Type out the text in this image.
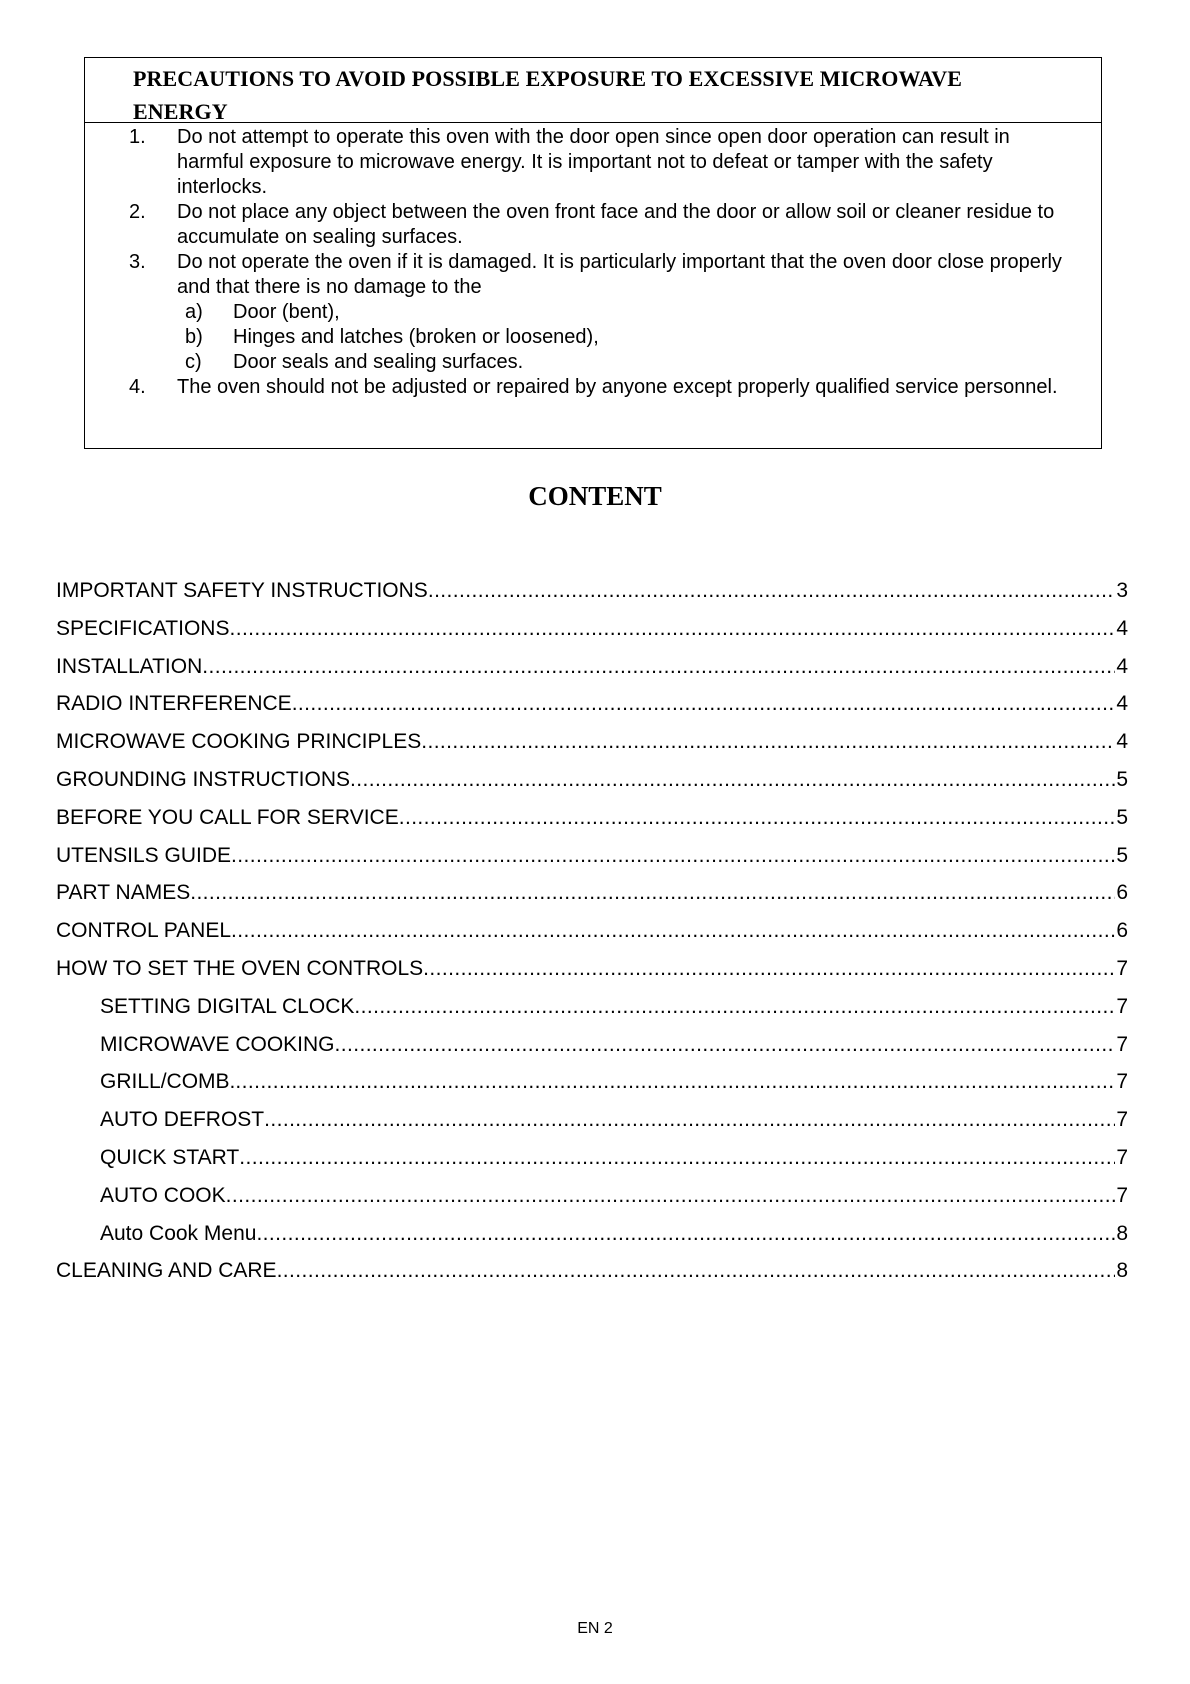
PRECAUTIONS TO AVOID POSSIBLE EXPOSURE TO EXCESSIVE MICROWAVE ENERGY
1.	Do not attempt to operate this oven with the door open since open door operation can result in harmful exposure to microwave energy. It is important not to defeat or tamper with the safety interlocks.
2.	Do not place any object between the oven front face and the door or allow soil or cleaner residue to accumulate on sealing surfaces.
3.	Do not operate the oven if it is damaged. It is particularly important that the oven door close properly and that there is no damage to the
a)	Door (bent),
b)	Hinges and latches (broken or loosened),
c)	Door seals and sealing surfaces.
4.	The oven should not be adjusted or repaired by anyone except properly qualified service personnel.
CONTENT
IMPORTANT SAFETY INSTRUCTIONS .....	3
SPECIFICATIONS .....	4
INSTALLATION .....	4
RADIO INTERFERENCE .....	4
MICROWAVE COOKING PRINCIPLES .....	4
GROUNDING INSTRUCTIONS .....	5
BEFORE YOU CALL FOR SERVICE .....	5
UTENSILS GUIDE .....	5
PART NAMES .....	6
CONTROL PANEL .....	6
HOW TO SET THE OVEN CONTROLS .....	7
SETTING DIGITAL CLOCK .....	7
MICROWAVE COOKING .....	7
GRILL/COMB. .....	7
AUTO DEFROST .....	7
QUICK START .....	7
AUTO COOK .....	7
Auto Cook Menu .....	8
CLEANING AND CARE .....	8
EN 2
